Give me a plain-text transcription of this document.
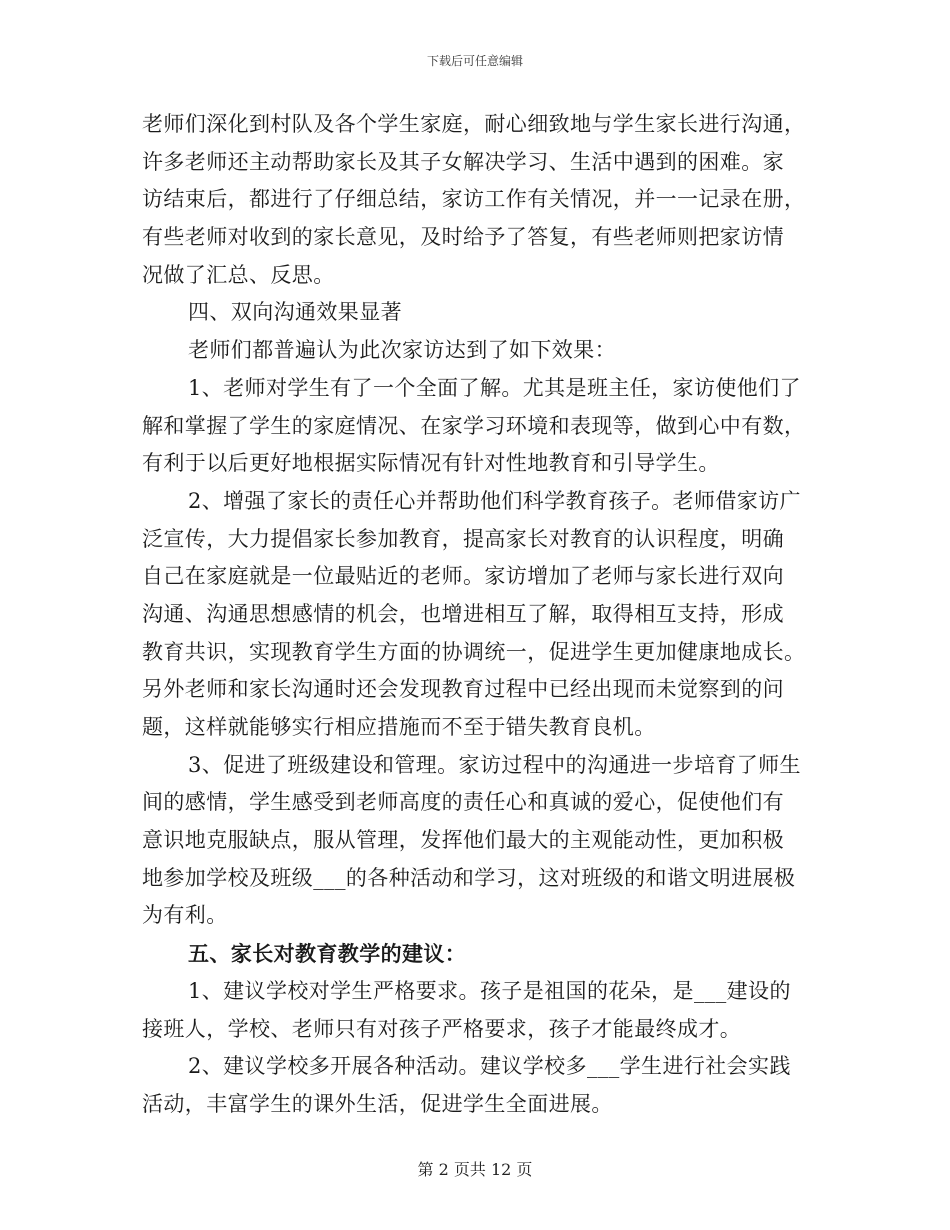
下载后可任意编辑
老师们深化到村队及各个学生家庭，耐心细致地与学生家长进行沟通，
许多老师还主动帮助家长及其子女解决学习、生活中遇到的困难。家
访结束后，都进行了仔细总结，家访工作有关情况，并一一记录在册，
有些老师对收到的家长意见，及时给予了答复，有些老师则把家访情
况做了汇总、反思。
四、双向沟通效果显著
老师们都普遍认为此次家访达到了如下效果：
1、老师对学生有了一个全面了解。尤其是班主任，家访使他们了
解和掌握了学生的家庭情况、在家学习环境和表现等，做到心中有数，
有利于以后更好地根据实际情况有针对性地教育和引导学生。
2、增强了家长的责任心并帮助他们科学教育孩子。老师借家访广
泛宣传，大力提倡家长参加教育，提高家长对教育的认识程度，明确
自己在家庭就是一位最贴近的老师。家访增加了老师与家长进行双向
沟通、沟通思想感情的机会，也增进相互了解，取得相互支持，形成
教育共识，实现教育学生方面的协调统一，促进学生更加健康地成长。
另外老师和家长沟通时还会发现教育过程中已经出现而未觉察到的问
题，这样就能够实行相应措施而不至于错失教育良机。
3、促进了班级建设和管理。家访过程中的沟通进一步培育了师生
间的感情，学生感受到老师高度的责任心和真诚的爱心，促使他们有
意识地克服缺点，服从管理，发挥他们最大的主观能动性，更加积极
地参加学校及班级___的各种活动和学习，这对班级的和谐文明进展极
为有利。
五、家长对教育教学的建议：
1、建议学校对学生严格要求。孩子是祖国的花朵，是___建设的
接班人，学校、老师只有对孩子严格要求，孩子才能最终成才。
2、建议学校多开展各种活动。建议学校多___学生进行社会实践
活动，丰富学生的课外生活，促进学生全面进展。
第 2 页共 12 页
